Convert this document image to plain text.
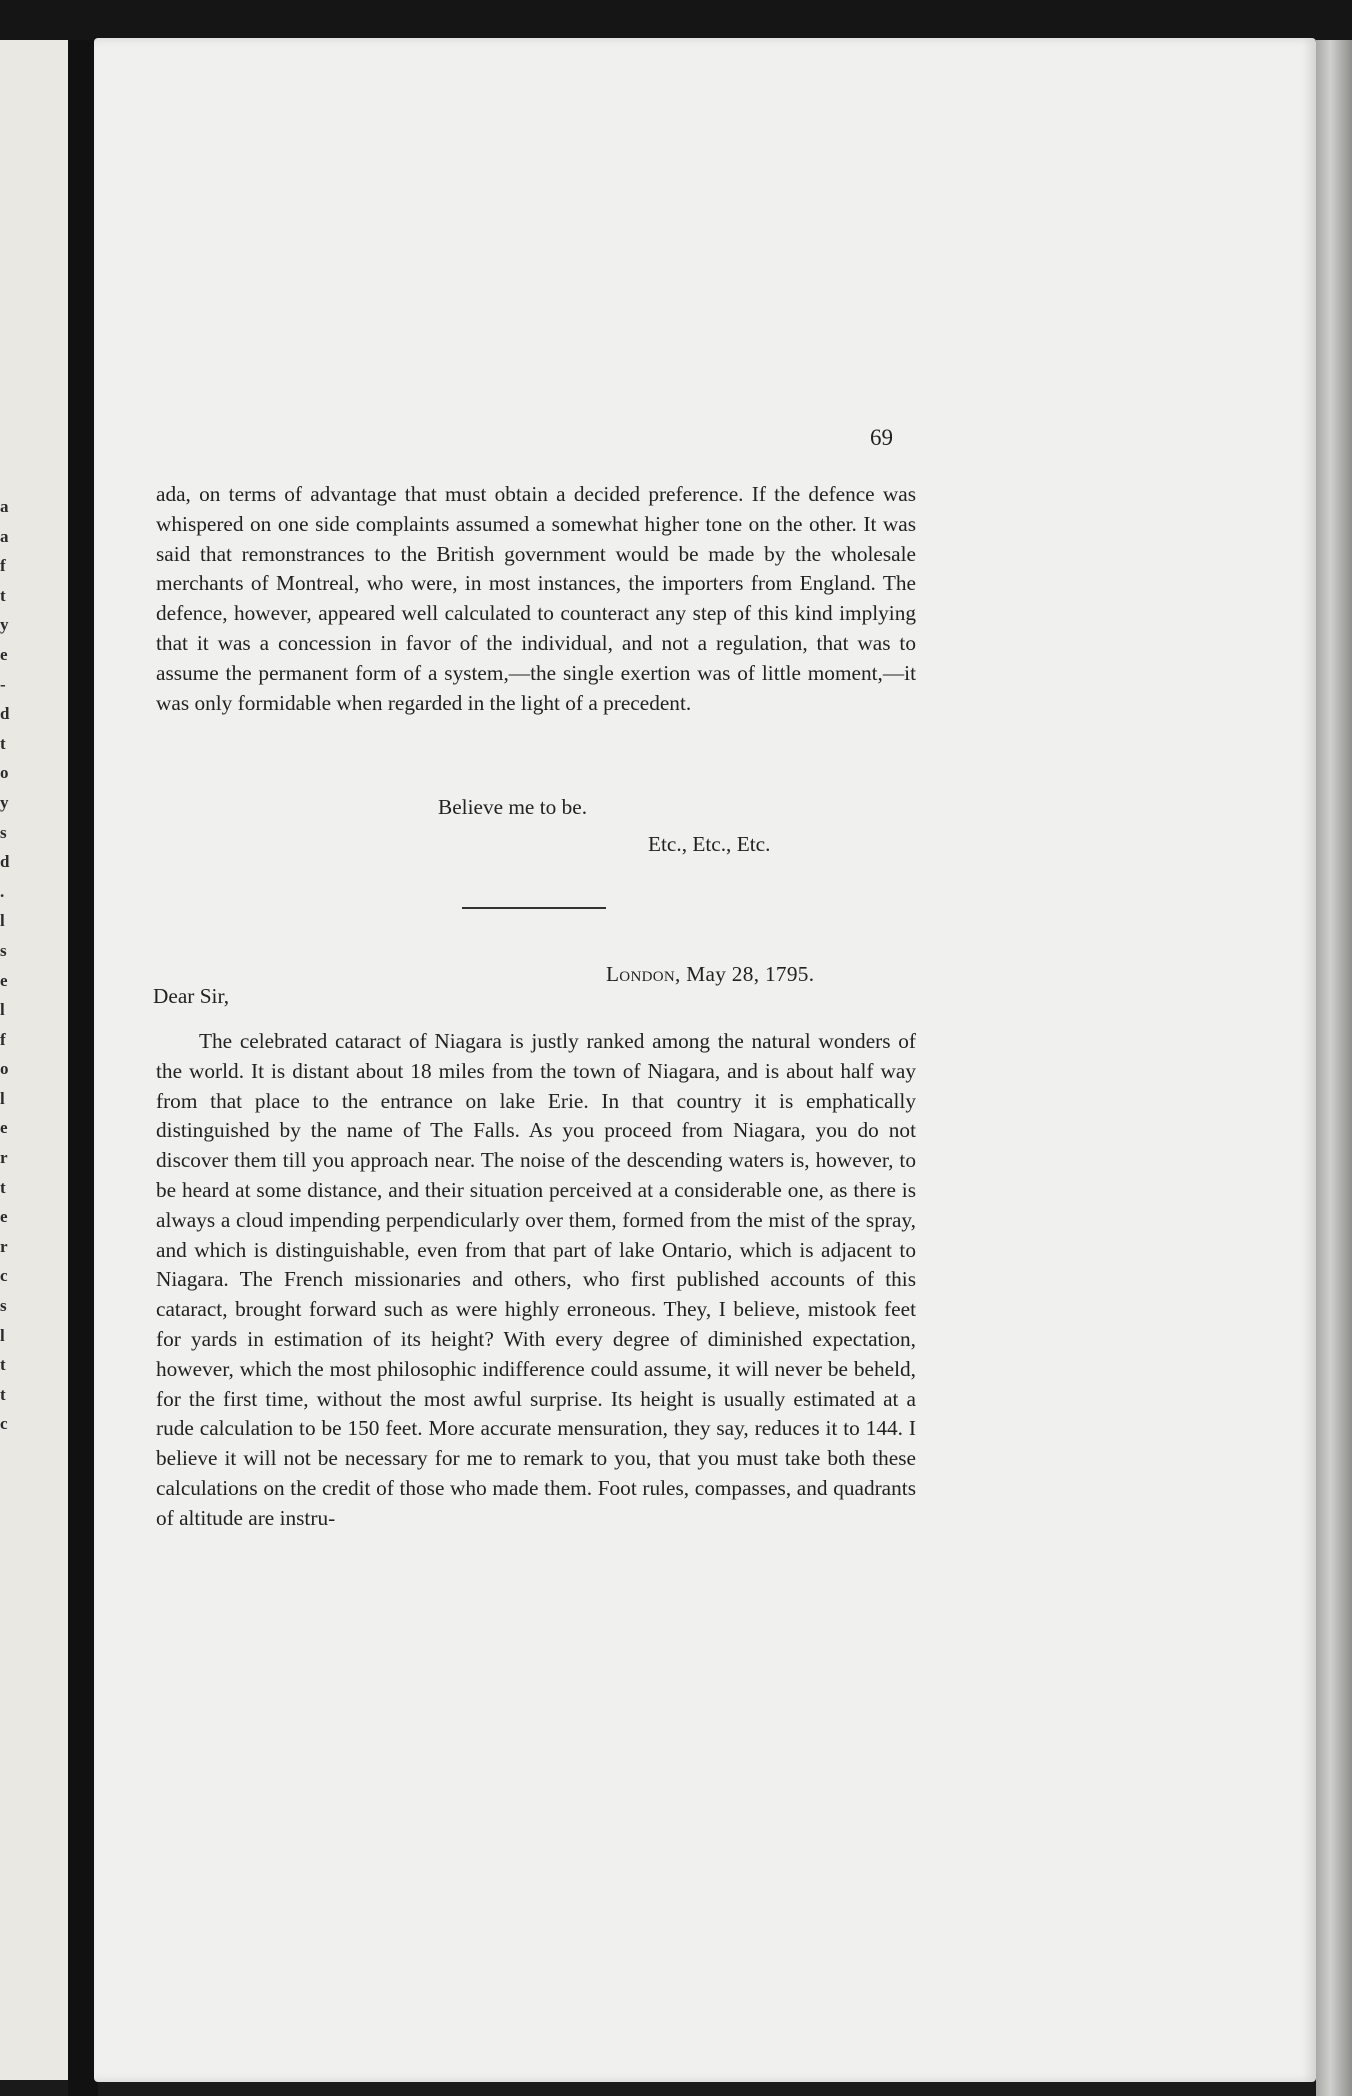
a
a
f
t
y
e
-
d
t
o
y
s
d
.
l
s
e
l
f
o
l
e
r
t
e
r
c
s
l
t
t
c
69

ada, on terms of advantage that must obtain a decided preference. If the defence was whispered on one side complaints assumed a somewhat higher tone on the other. It was said that remonstrances to the British government would be made by the wholesale merchants of Montreal, who were, in most instances, the importers from England. The defence, however, appeared well calculated to counteract any step of this kind implying that it was a concession in favor of the individual, and not a regulation, that was to assume the permanent form of a system,—the single exertion was of little moment,—it was only formidable when regarded in the light of a precedent.

Believe me to be.
Etc., Etc., Etc.
London, May 28, 1795.
Dear Sir,

The celebrated cataract of Niagara is justly ranked among the natural wonders of the world. It is distant about 18 miles from the town of Niagara, and is about half way from that place to the entrance on lake Erie. In that country it is emphatically distinguished by the name of The Falls. As you proceed from Niagara, you do not discover them till you approach near. The noise of the descending waters is, however, to be heard at some distance, and their situation perceived at a considerable one, as there is always a cloud impending perpendicularly over them, formed from the mist of the spray, and which is distinguishable, even from that part of lake Ontario, which is adjacent to Niagara. The French missionaries and others, who first published accounts of this cataract, brought forward such as were highly erroneous. They, I believe, mistook feet for yards in estimation of its height? With every degree of diminished expectation, however, which the most philosophic indifference could assume, it will never be beheld, for the first time, without the most awful surprise. Its height is usually estimated at a rude calculation to be 150 feet. More accurate mensuration, they say, reduces it to 144. I believe it will not be necessary for me to remark to you, that you must take both these calculations on the credit of those who made them. Foot rules, compasses, and quadrants of altitude are instru-
